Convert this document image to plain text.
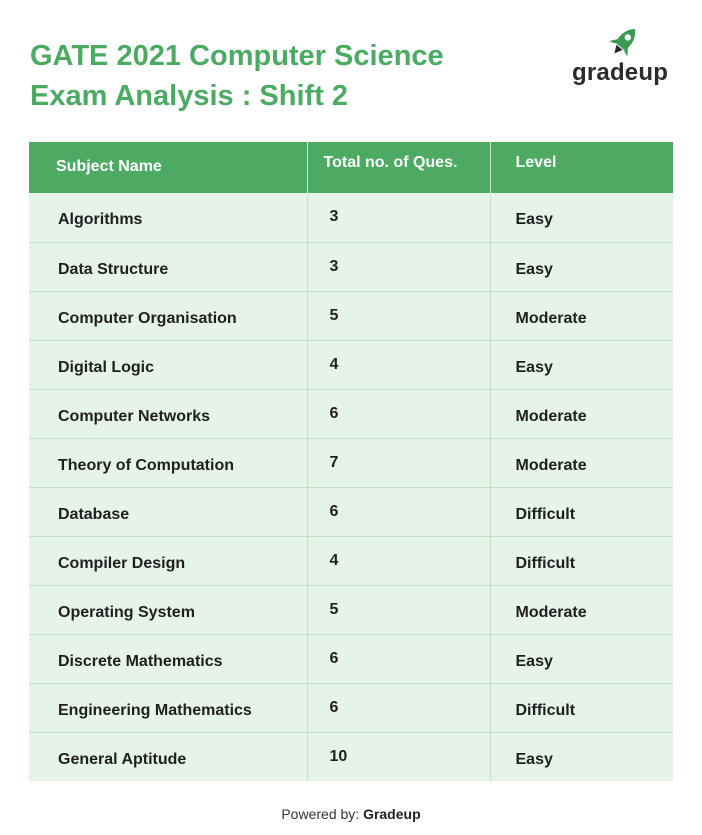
GATE 2021 Computer Science
Exam Analysis : Shift 2
gradeup
Subject Name	Total no. of Ques.	Level

Algorithms	3	Easy

Data Structure	3	Easy

Computer Organisation	5	Moderate

Digital Logic	4	Easy

Computer Networks	6	Moderate

Theory of Computation	7	Moderate

Database	6	Difficult

Compiler Design	4	Difficult

Operating System	5	Moderate

Discrete Mathematics	6	Easy

Engineering Mathematics	6	Difficult

General Aptitude	10	Easy
Powered by: Gradeup
